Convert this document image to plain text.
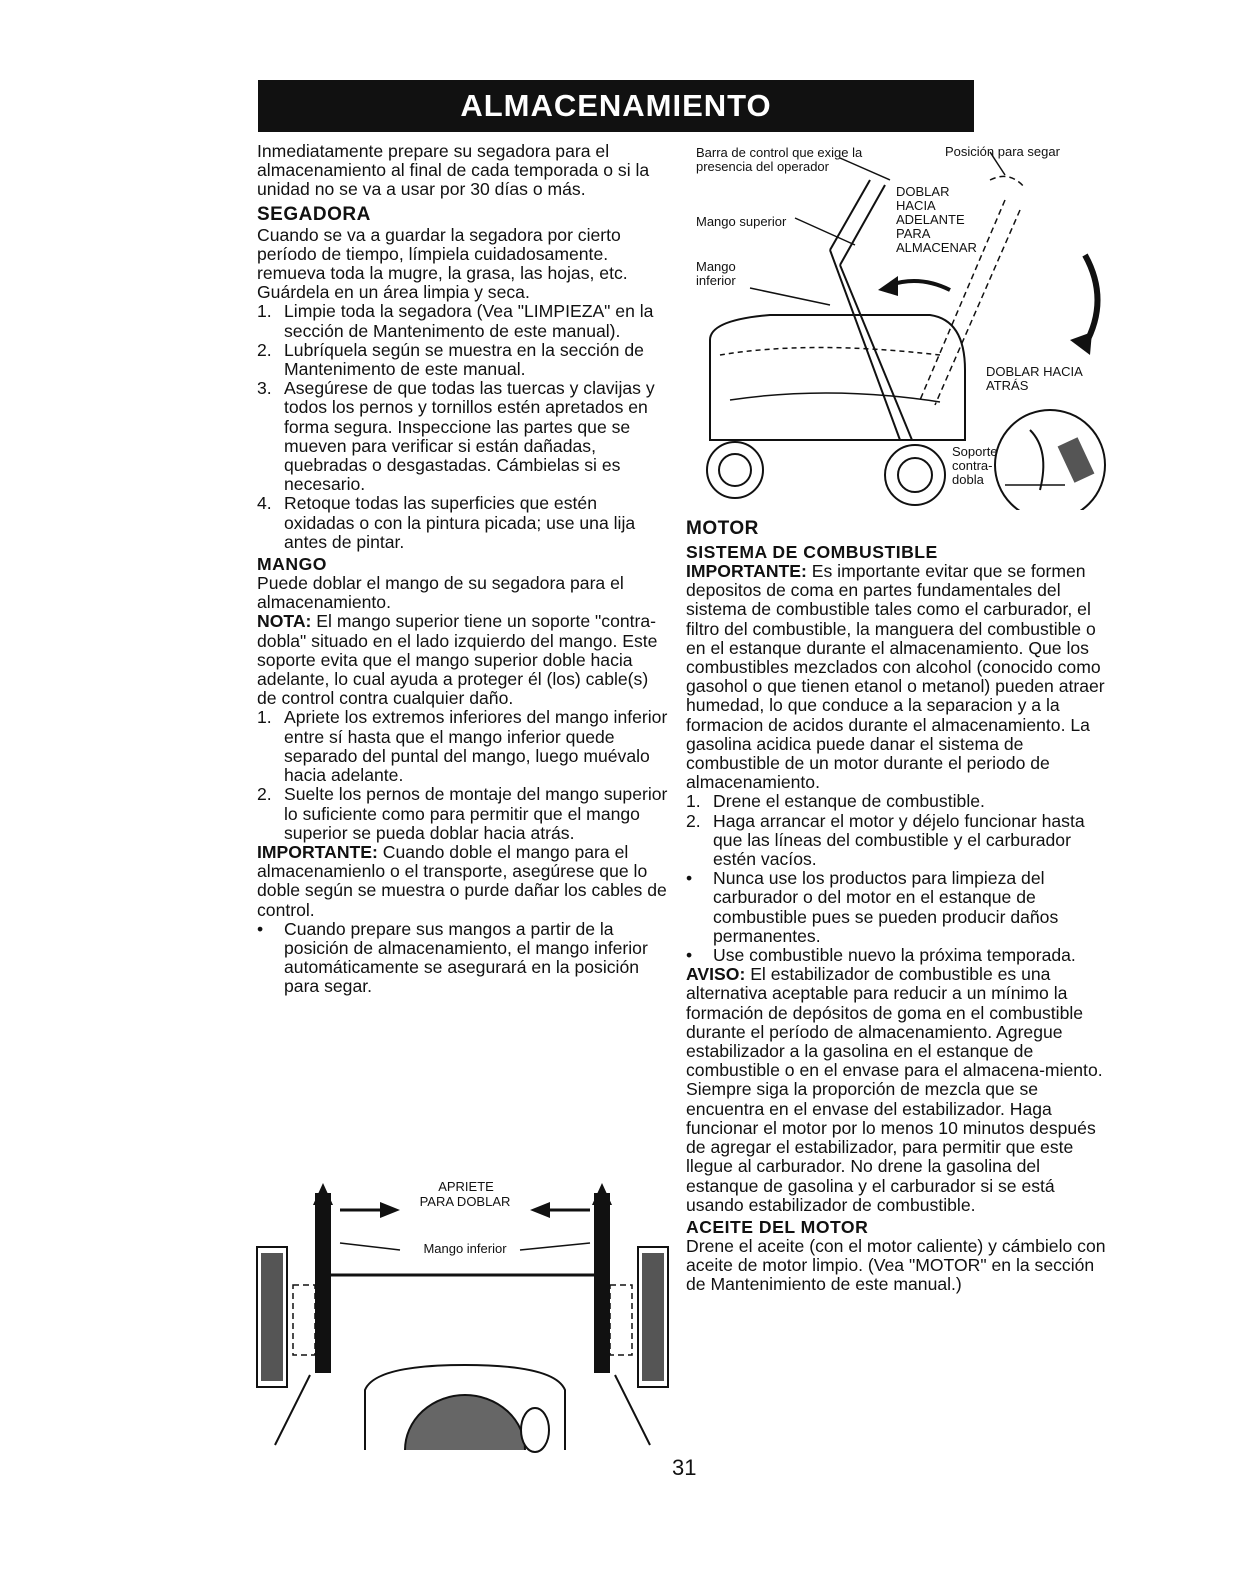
ALMACENAMIENTO

Inmediatamente prepare su segadora para el almacenamiento al final de cada temporada o si la unidad no se va a usar por 30 días o más.

SEGADORA

Cuando se va a guardar la segadora por cierto período de tiempo, límpiela cuidadosamente. remueva toda la mugre, la grasa, las hojas, etc. Guárdela en un área limpia y seca.

1. Limpie toda la segadora (Vea "LIMPIEZA" en la sección de Mantenimento de este manual).
2. Lubríquela según se muestra en la sección de Mantenimento de este manual.
3. Asegúrese de que todas las tuercas y clavijas y todos los pernos y tornillos estén apretados en forma segura. Inspeccione las partes que se mueven para verificar si están dañadas, quebradas o desgastadas. Cámbielas si es necesario.
4. Retoque todas las superficies que estén oxidadas o con la pintura picada; use una lija antes de pintar.
MANGO

Puede doblar el mango de su segadora para el almacenamiento.

NOTA: El mango superior tiene un soporte "contra-dobla" situado en el lado izquierdo del mango. Este soporte evita que el mango superior doble hacia adelante, lo cual ayuda a proteger él (los) cable(s) de control contra cualquier daño.

1. Apriete los extremos inferiores del mango inferior entre sí hasta que el mango inferior quede separado del puntal del mango, luego muévalo hacia adelante.
2. Suelte los pernos de montaje del mango superior lo suficiente como para permitir que el mango superior se pueda doblar hacia atrás.

IMPORTANTE: Cuando doble el mango para el almacenamienlo o el transporte, asegúrese que lo doble según se muestra o purde dañar los cables de control.

• Cuando prepare sus mangos a partir de la posición de almacenamiento, el mango inferior automáticamente se asegurará en la posición para segar.
APRIETE
PARA DOBLAR
Mango inferior
Barra de control que exige la presencia del operador
Posición para segar
Mango superior
Mango inferior
DOBLAR HACIA ADELANTE PARA ALMACENAR
DOBLAR HACIA ATRÁS
Soporte contra-dobla
MOTOR
SISTEMA DE COMBUSTIBLE

IMPORTANTE: Es importante evitar que se formen depositos de coma en partes fundamentales del sistema de combustible tales como el carburador, el filtro del combustible, la manguera del combustible o en el estanque durante el almacenamiento. Que los combustibles mezclados con alcohol (conocido como gasohol o que tienen etanol o metanol) pueden atraer humedad, lo que conduce a la separacion y a la formacion de acidos durante el almacenamiento. La gasolina acidica puede danar el sistema de combustible de un motor durante el periodo de almacenamiento.

1. Drene el estanque de combustible.
2. Haga arrancar el motor y déjelo funcionar hasta que las líneas del combustible y el carburador estén vacíos.
• Nunca use los productos para limpieza del carburador o del motor en el estanque de combustible pues se pueden producir daños permanentes.
• Use combustible nuevo la próxima temporada.

AVISO: El estabilizador de combustible es una alternativa aceptable para reducir a un mínimo la formación de depósitos de goma en el combustible durante el período de almacenamiento. Agregue estabilizador a la gasolina en el estanque de combustible o en el envase para el almacena-miento. Siempre siga la proporción de mezcla que se encuentra en el envase del estabilizador. Haga funcionar el motor por lo menos 10 minutos después de agregar el estabilizador, para permitir que este llegue al carburador. No drene la gasolina del estanque de gasolina y el carburador si se está usando estabilizador de combustible.

ACEITE DEL MOTOR

Drene el aceite (con el motor caliente) y cámbielo con aceite de motor limpio. (Vea "MOTOR" en la sección de Mantenimiento de este manual.)

31
